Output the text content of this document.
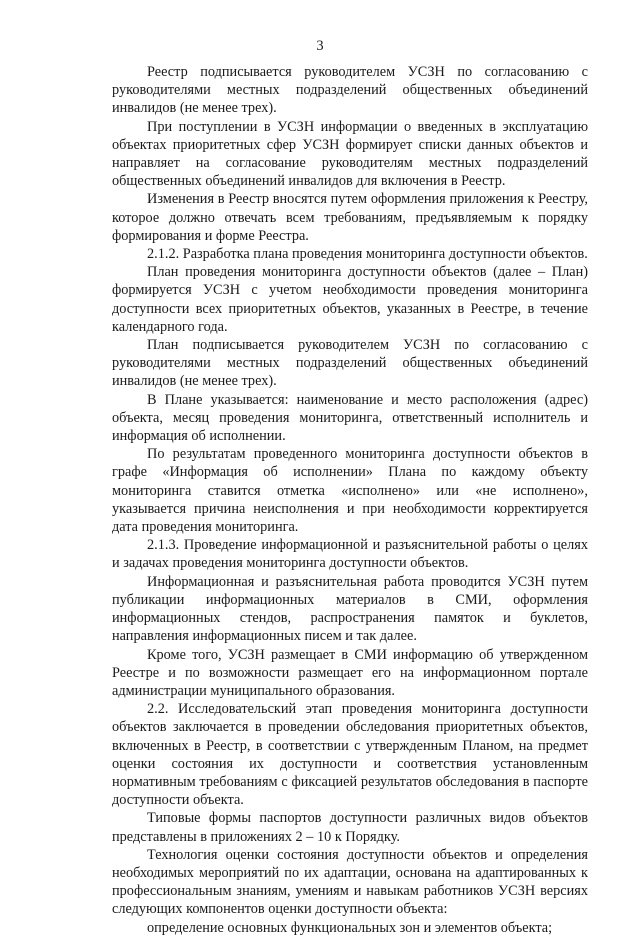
3

Реестр подписывается руководителем УСЗН по согласованию с руководителями местных подразделений общественных объединений инвалидов (не менее трех).

При поступлении в УСЗН информации о введенных в эксплуатацию объектах приоритетных сфер УСЗН формирует списки данных объектов и направляет на согласование руководителям местных подразделений общественных объединений инвалидов для включения в Реестр.

Изменения в Реестр вносятся путем оформления приложения к Реестру, которое должно отвечать всем требованиям, предъявляемым к порядку формирования и форме Реестра.

2.1.2. Разработка плана проведения мониторинга доступности объектов.

План проведения мониторинга доступности объектов (далее – План) формируется УСЗН с учетом необходимости проведения мониторинга доступности всех приоритетных объектов, указанных в Реестре, в течение календарного года.

План подписывается руководителем УСЗН по согласованию с руководителями местных подразделений общественных объединений инвалидов (не менее трех).

В Плане указывается: наименование и место расположения (адрес) объекта, месяц проведения мониторинга, ответственный исполнитель и информация об исполнении.

По результатам проведенного мониторинга доступности объектов в графе «Информация об исполнении» Плана по каждому объекту мониторинга ставится отметка «исполнено» или «не исполнено», указывается причина неисполнения и при необходимости корректируется дата проведения мониторинга.

2.1.3. Проведение информационной и разъяснительной работы о целях и задачах проведения мониторинга доступности объектов.

Информационная и разъяснительная работа проводится УСЗН путем публикации информационных материалов в СМИ, оформления информационных стендов, распространения памяток и буклетов, направления информационных писем и так далее.

Кроме того, УСЗН размещает в СМИ информацию об утвержденном Реестре и по возможности размещает его на информационном портале администрации муниципального образования.

2.2. Исследовательский этап проведения мониторинга доступности объектов заключается в проведении обследования приоритетных объектов, включенных в Реестр, в соответствии с утвержденным Планом, на предмет оценки состояния их доступности и соответствия установленным нормативным требованиям с фиксацией результатов обследования в паспорте доступности объекта.

Типовые формы паспортов доступности различных видов объектов представлены в приложениях 2 – 10 к Порядку.

Технология оценки состояния доступности объектов и определения необходимых мероприятий по их адаптации, основана на адаптированных к профессиональным знаниям, умениям и навыкам работников УСЗН версиях следующих компонентов оценки доступности объекта:

определение основных функциональных зон и элементов объекта;
